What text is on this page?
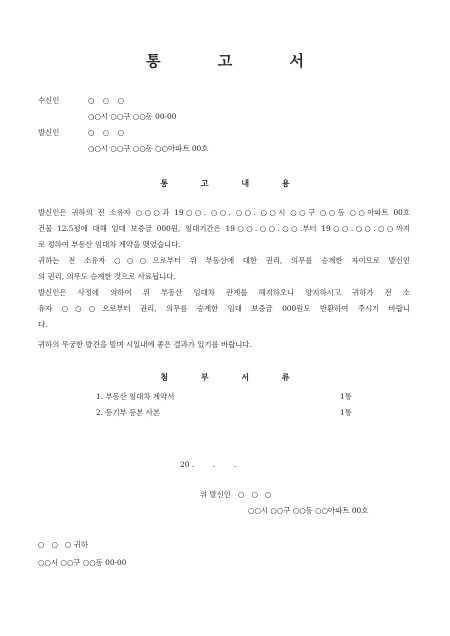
통 고 서
수신인	○ ○ ○
○○시 ○○구 ○○동 00-00
발신인	○ ○ ○
○○시 ○○구 ○○동 ○○아파트 00호
통 고 내 용
발신인은 귀하의 전 소유자 ○○○과 19○○. ○○. ○○. ○○시 ○○구 ○○동 ○○아파트 00호
건물 12.5평에 대해 임대 보증금 000원, 임대기간은 19○○.○○.○○.부터 19○○.○○.○○까지
로 정하여 부동산 임대차 계약을 맺었습니다.
귀하는 전 소유자 ○○○으로부터 위 부동산에 대한 권리, 의무를 승계한 자이므로 발신인
의 권리, 의무도 승계한 것으로 사료됩니다.
발신인은 사정에 의하여 위 부동산 임대차 관계를 해지하오니 양지하시고 귀하가 전 소
유자 ○○○으로부터 권리, 의무를 승계한 임대 보증금 000원도 반환하여 주시기 바랍니
다.
귀하의 무궁한 발견을 빌며 시일내에 좋은 결과가 있기를 바랍니다.
첨 부 서 류
1. 부동산 임대차 계약서	1통
2. 등기부 등본 사본	1통
20 .        .        .
위 발신인   ○   ○   ○
○○시 ○○구 ○○동 ○○아파트 00호
○   ○   ○ 귀하
○○시 ○○구 ○○동 00-00
